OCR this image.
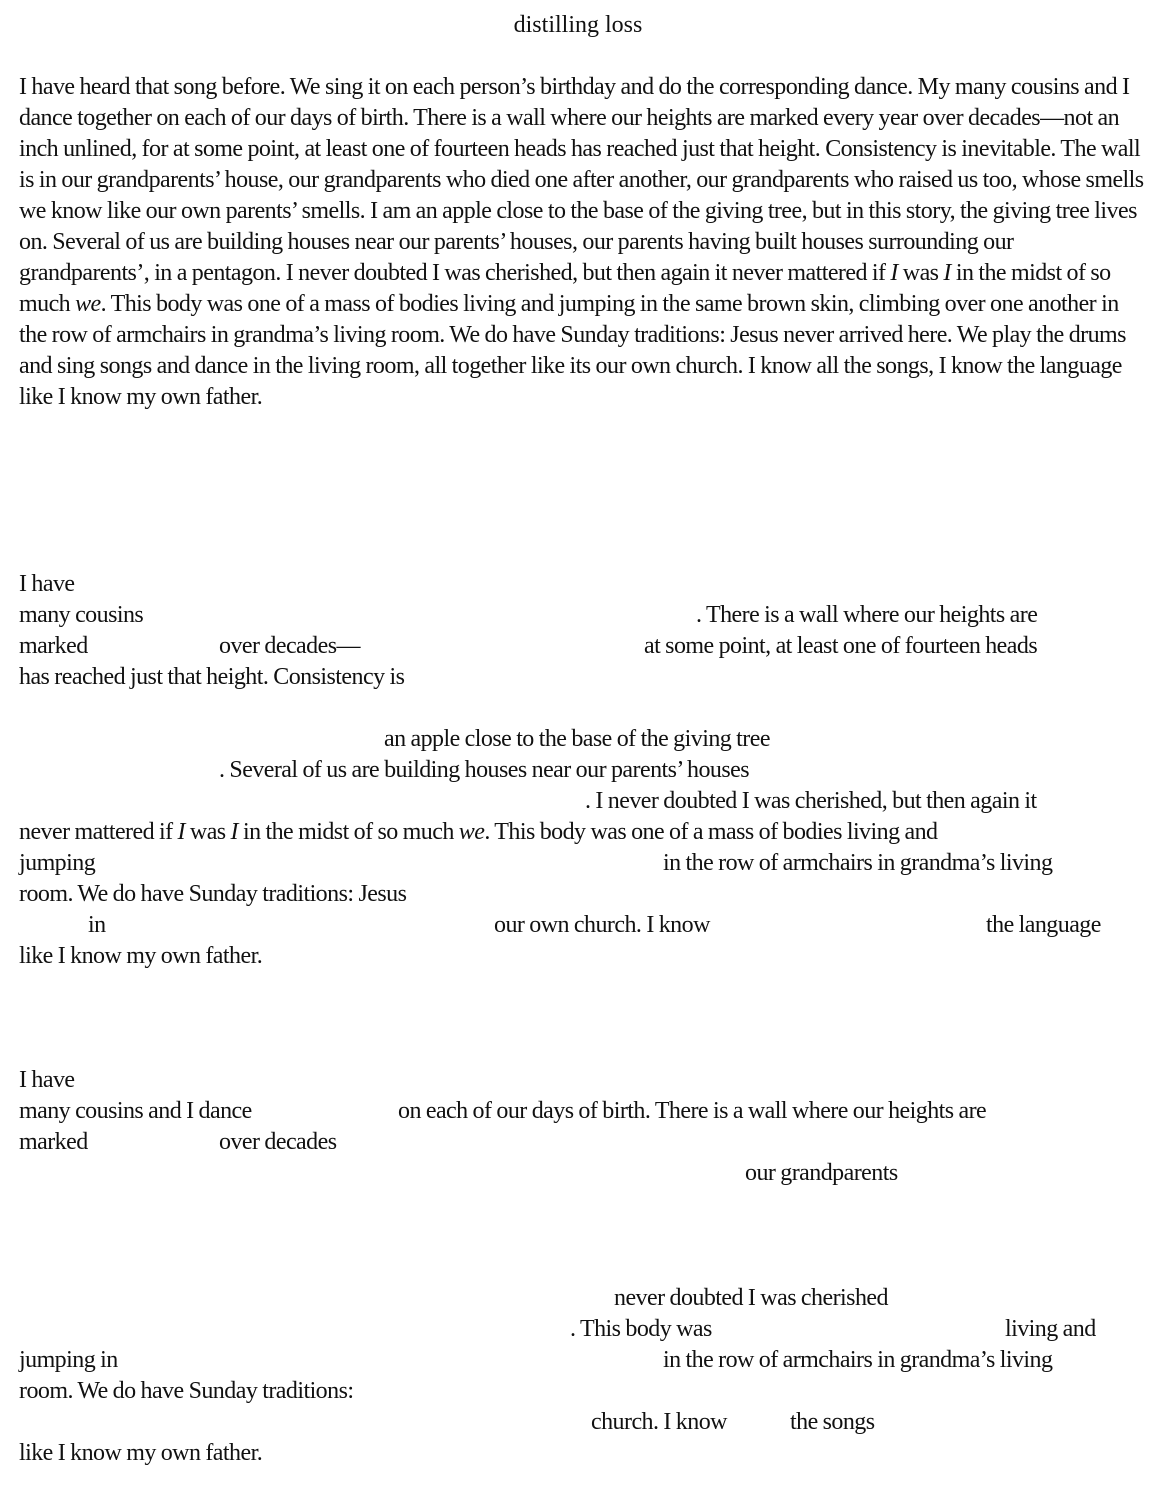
distilling loss

I have heard that song before. We sing it on each person’s birthday and do the corresponding dance. My many cousins and I dance together on each of our days of birth. There is a wall where our heights are marked every year over decades—not an inch unlined, for at some point, at least one of fourteen heads has reached just that height. Consistency is inevitable. The wall is in our grandparents’ house, our grandparents who died one after another, our grandparents who raised us too, whose smells we know like our own parents’ smells. I am an apple close to the base of the giving tree, but in this story, the giving tree lives on. Several of us are building houses near our parents’ houses, our parents having built houses surrounding our grandparents’, in a pentagon. I never doubted I was cherished, but then again it never mattered if I was I in the midst of so much we. This body was one of a mass of bodies living and jumping in the same brown skin, climbing over one another in the row of armchairs in grandma’s living room. We do have Sunday traditions: Jesus never arrived here. We play the drums and sing songs and dance in the living room, all together like its our own church. I know all the songs, I know the language like I know my own father.

I have
many cousins	. There is a wall where our heights are
marked	over decades—	at some point, at least one of fourteen heads
has reached just that height. Consistency is
an apple close to the base of the giving tree
. Several of us are building houses near our parents’ houses
. I never doubted I was cherished, but then again it
never mattered if I was I in the midst of so much we. This body was one of a mass of bodies living and
jumping	in the row of armchairs in grandma’s living
room. We do have Sunday traditions: Jesus
in	our own church. I know	the language
like I know my own father.
I have
many cousins and I dance	on each of our days of birth. There is a wall where our heights are
marked	over decades
our grandparents
never doubted I was cherished
. This body was	living and
jumping in	in the row of armchairs in grandma’s living
room. We do have Sunday traditions:
church. I know	the songs
like I know my own father.
